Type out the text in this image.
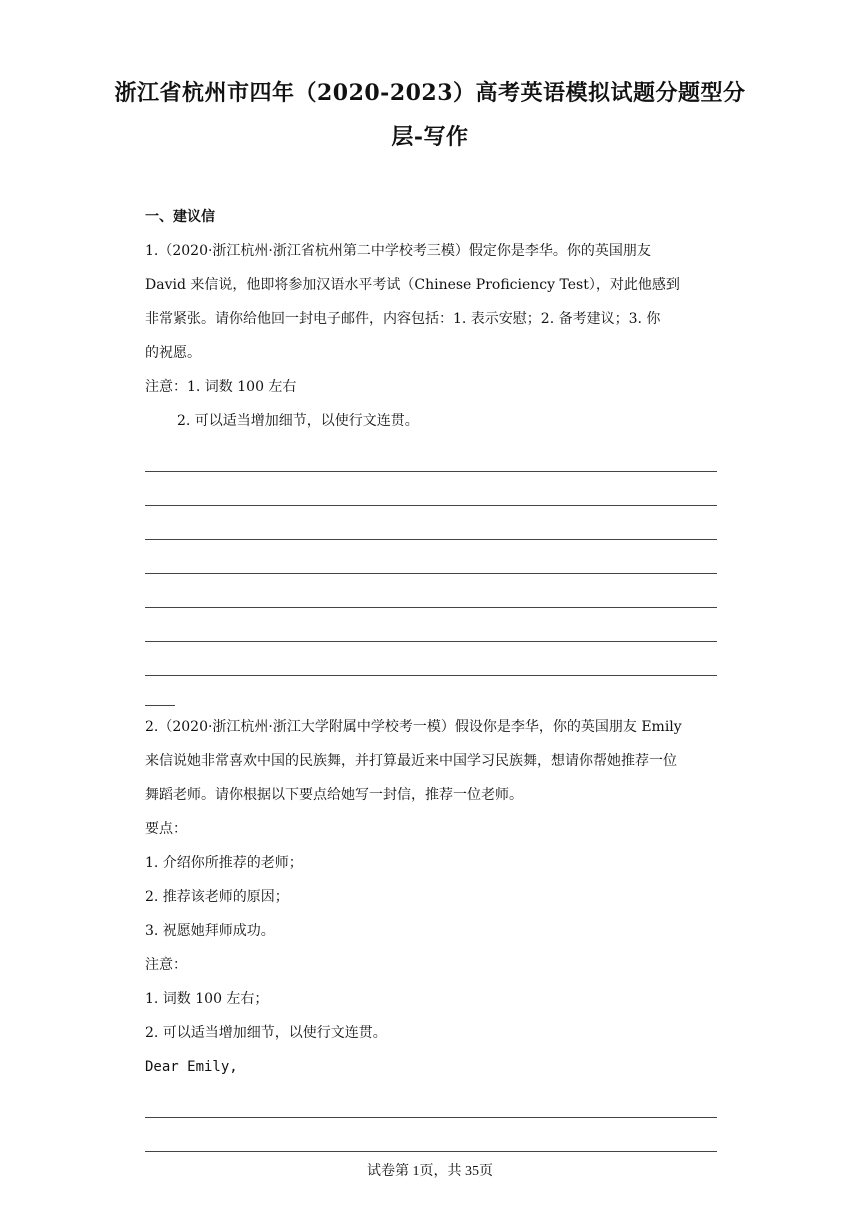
浙江省杭州市四年（2020-2023）高考英语模拟试题分题型分
层-写作

一、建议信

1.（2020·浙江杭州·浙江省杭州第二中学校考三模）假定你是李华。你的英国朋友

David 来信说，他即将参加汉语水平考试（Chinese Proficiency Test），对此他感到

非常紧张。请你给他回一封电子邮件，内容包括：1. 表示安慰；2. 备考建议；3. 你

的祝愿。

注意：1. 词数 100 左右

2. 可以适当增加细节，以使行文连贯。

2.（2020·浙江杭州·浙江大学附属中学校考一模）假设你是李华，你的英国朋友 Emily

来信说她非常喜欢中国的民族舞，并打算最近来中国学习民族舞，想请你帮她推荐一位

舞蹈老师。请你根据以下要点给她写一封信，推荐一位老师。

要点：

1. 介绍你所推荐的老师；

2. 推荐该老师的原因；

3. 祝愿她拜师成功。

注意：

1. 词数 100 左右；

2. 可以适当增加细节，以使行文连贯。

Dear Emily,

试卷第 1页，共 35页
